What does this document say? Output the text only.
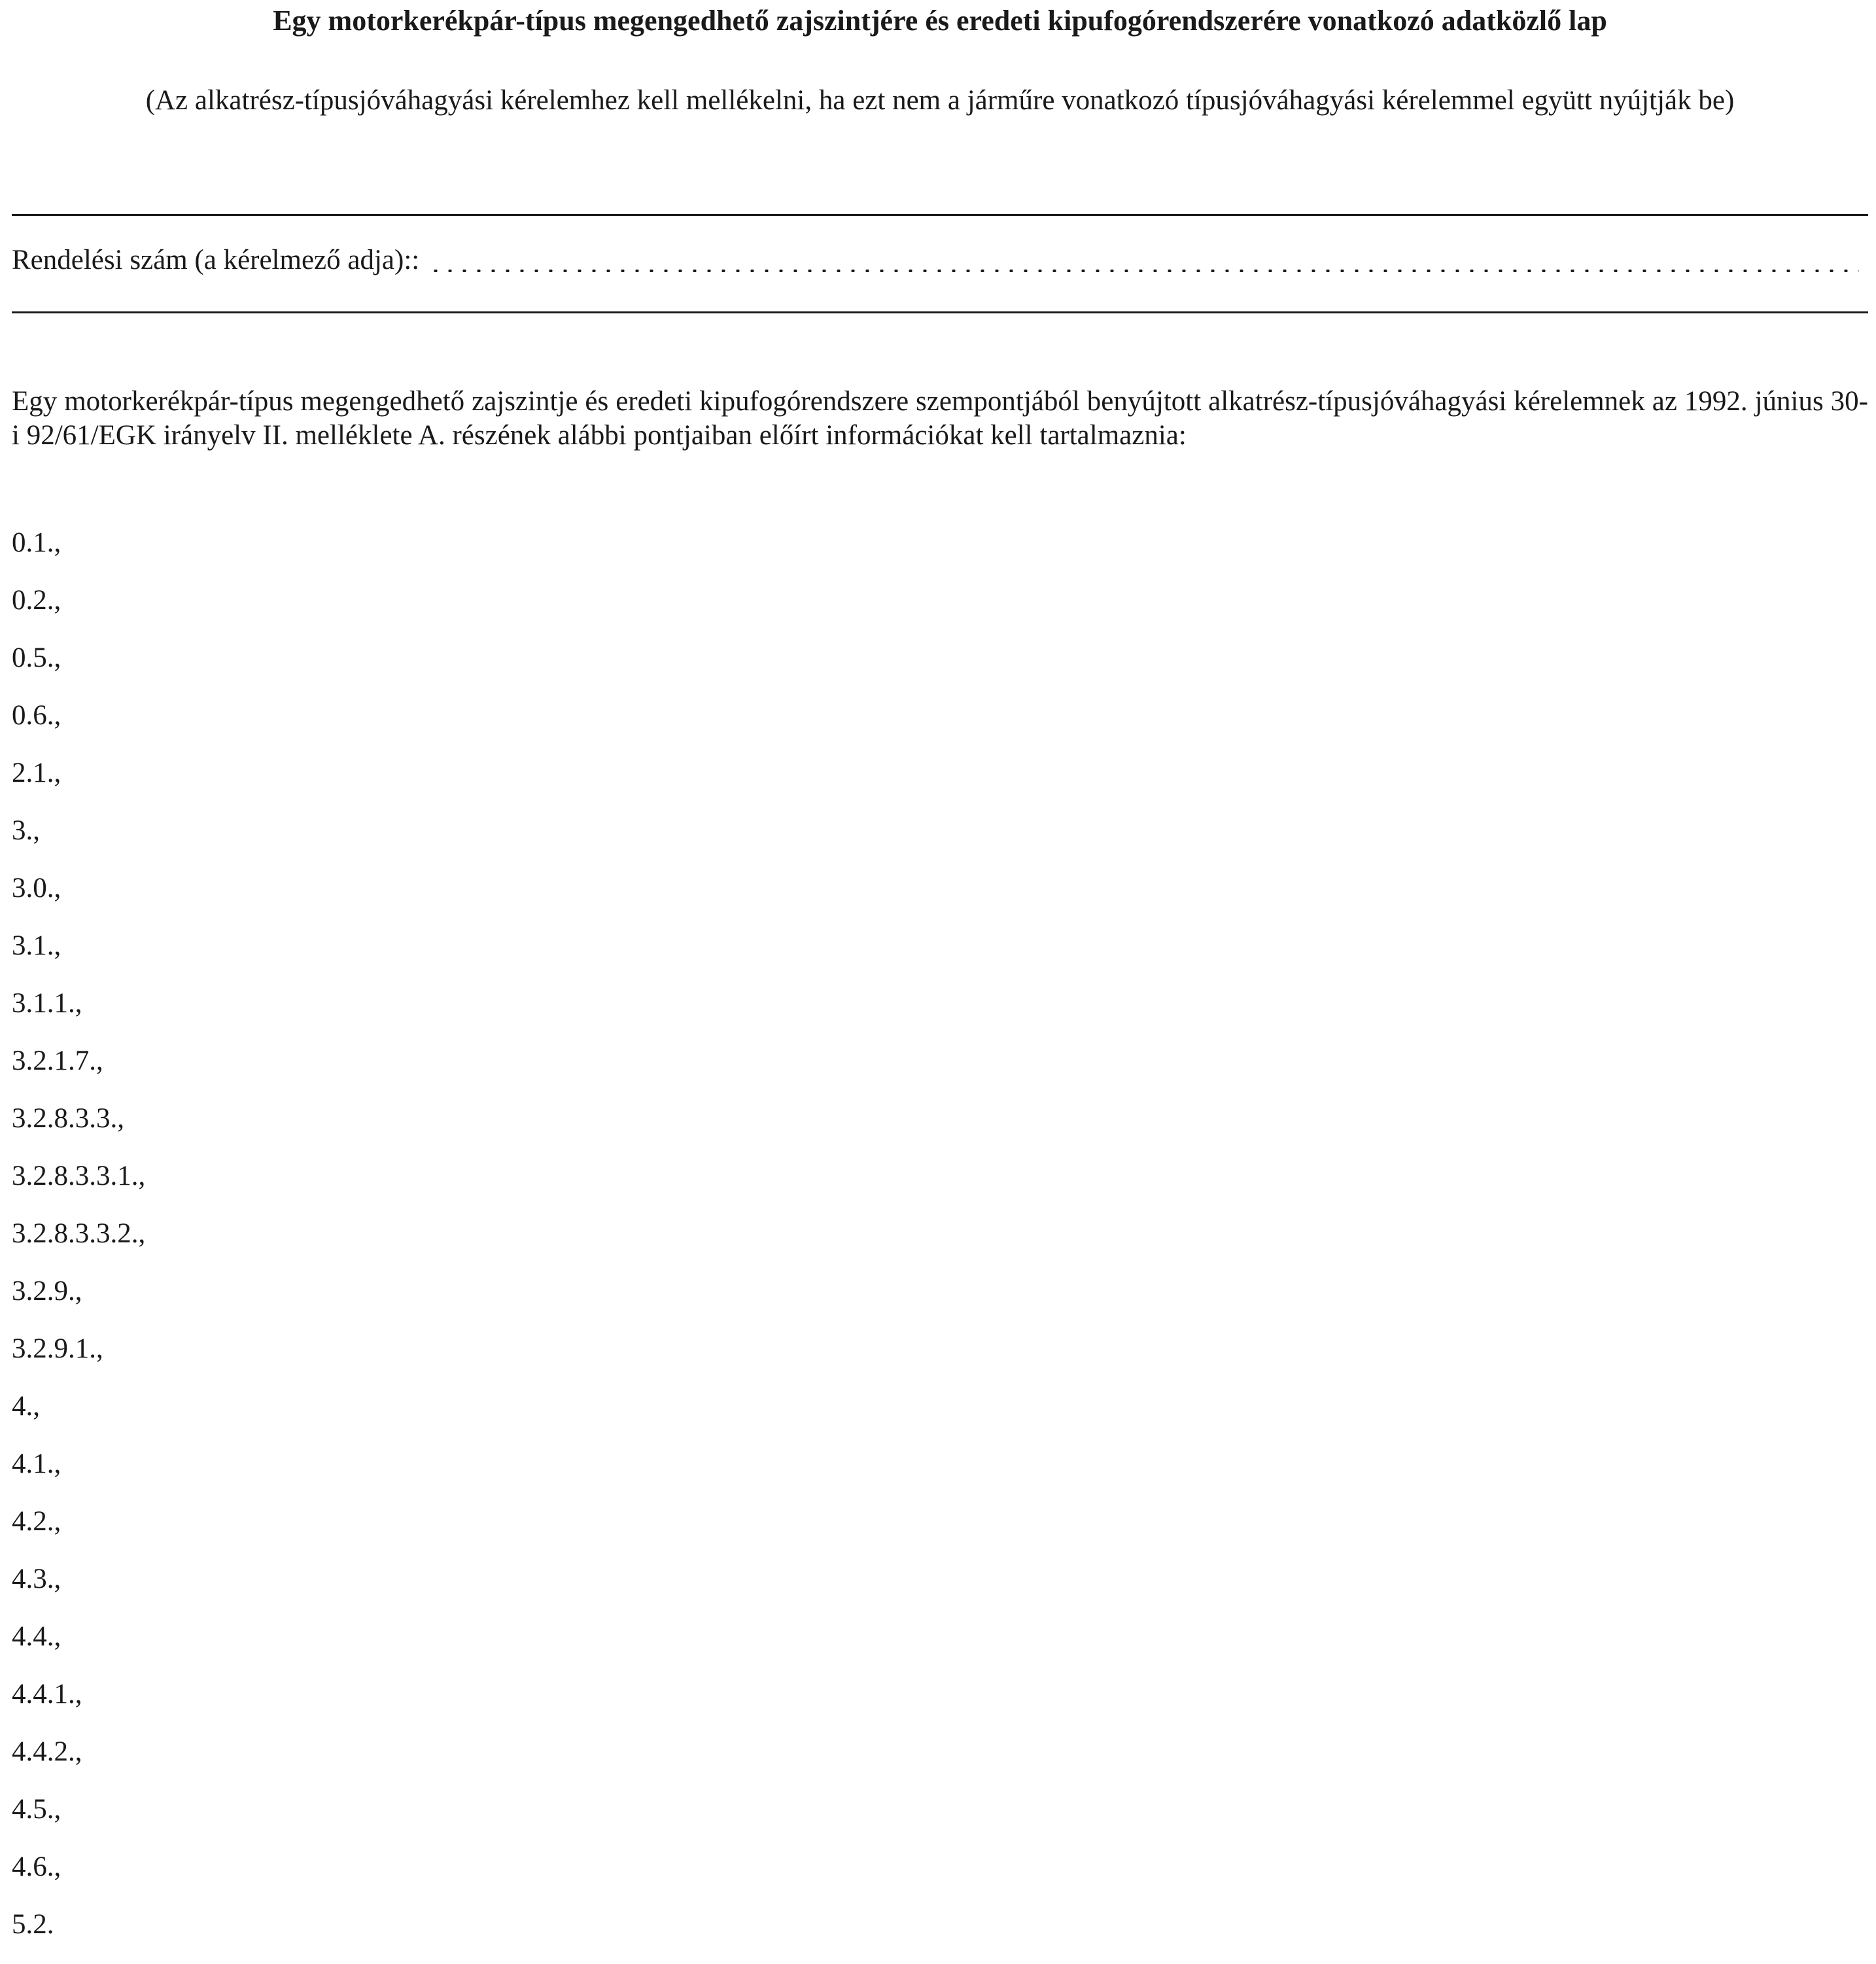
Egy motorkerékpár-típus megengedhető zajszintjére és eredeti kipufogórendszerére vonatkozó adatközlő lap
(Az alkatrész-típusjóváhagyási kérelemhez kell mellékelni, ha ezt nem a járműre vonatkozó típusjóváhagyási kérelemmel együtt nyújtják be)
Rendelési szám (a kérelmező adja)::
Egy motorkerékpár-típus megengedhető zajszintje és eredeti kipufogórendszere szempontjából benyújtott alkatrész-típusjóváhagyási kérelemnek az 1992. június 30-i 92/61/EGK irányelv II. melléklete A. részének alábbi pontjaiban előírt információkat kell tartalmaznia:
0.1.,
0.2.,
0.5.,
0.6.,
2.1.,
3.,
3.0.,
3.1.,
3.1.1.,
3.2.1.7.,
3.2.8.3.3.,
3.2.8.3.3.1.,
3.2.8.3.3.2.,
3.2.9.,
3.2.9.1.,
4.,
4.1.,
4.2.,
4.3.,
4.4.,
4.4.1.,
4.4.2.,
4.5.,
4.6.,
5.2.
